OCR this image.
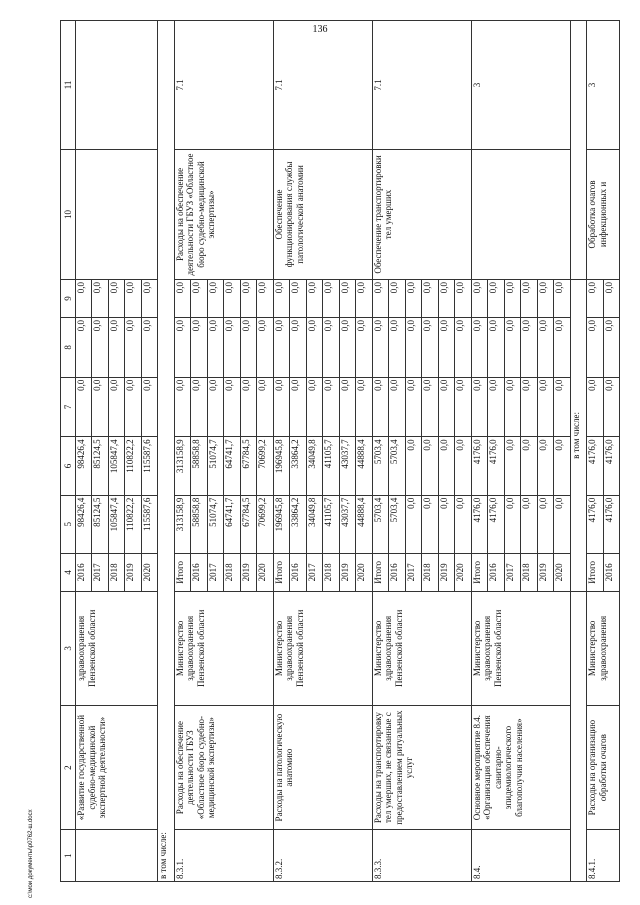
136
c:\мои документы\p0762-ш.docx	1	2	3	4	5	6	7	8	9	10	11
	«Развитие государственной судебно-медицинской экспертной деятельности»	здравоохранения Пензенской области	2016	98426,4	98426,4	0,0	0,0	0,0		
			2017	85124,5	85124,5	0,0	0,0	0,0		
			2018	105847,4	105847,4	0,0	0,0	0,0		
			2019	110822,2	110822,2	0,0	0,0	0,0		
			2020	115587,6	115587,6	0,0	0,0	0,0		
в том числе:										
8.3.1.	Расходы на обеспечение деятельности ГБУЗ «Областное бюро судебно-медицинской экспертизы»	Министерство здравоохранения Пензенской области	Итого	313158,9	313158,9	0,0	0,0	0,0	Расходы на обеспечение деятельности ГБУЗ «Областное бюро судебно-медицинской экспертизы»	7.1
			2016	58858,8	58858,8	0,0	0,0	0,0		
			2017	51074,7	51074,7	0,0	0,0	0,0		
			2018	64741,7	64741,7	0,0	0,0	0,0		
			2019	67784,5	67784,5	0,0	0,0	0,0		
			2020	70699,2	70699,2	0,0	0,0	0,0		
8.3.2.	Расходы на патологическую анатомию	Министерство здравоохранения Пензенской области	Итого	196945,8	196945,8	0,0	0,0	0,0	Обеспечение функционирования службы патологической анатомии	7.1
			2016	33864,2	33864,2	0,0	0,0	0,0		
			2017	34049,8	34049,8	0,0	0,0	0,0		
			2018	41105,7	41105,7	0,0	0,0	0,0		
			2019	43037,7	43037,7	0,0	0,0	0,0		
			2020	44888,4	44888,4	0,0	0,0	0,0		
8.3.3.	Расходы на транспортировку тел умерших, не связанные с предоставлением ритуальных услуг	Министерство здравоохранения Пензенской области	Итого	5703,4	5703,4	0,0	0,0	0,0	Обеспечение транспортировки тел умерших	7.1
			2016	5703,4	5703,4	0,0	0,0	0,0		
			2017	0,0	0,0	0,0	0,0	0,0		
			2018	0,0	0,0	0,0	0,0	0,0		
			2019	0,0	0,0	0,0	0,0	0,0		
			2020	0,0	0,0	0,0	0,0	0,0		
8.4.	Основное мероприятие 8.4. «Организация обеспечения санитарно-эпидемиологического благополучия населения»	Министерство здравоохранения Пензенской области	Итого	4176,0	4176,0	0,0	0,0	0,0		3
			2016	4176,0	4176,0	0,0	0,0	0,0		
			2017	0,0	0,0	0,0	0,0	0,0		
			2018	0,0	0,0	0,0	0,0	0,0		
			2019	0,0	0,0	0,0	0,0	0,0		
			2020	0,0	0,0	0,0	0,0	0,0		
			в том числе:							
8.4.1.	Расходы на организацию обработки очагов	Министерство здравоохранения	Итого	4176,0	4176,0	0,0	0,0	0,0	Обработка очагов инфекционных и	3
			2016	4176,0	4176,0	0,0	0,0	0,0		
